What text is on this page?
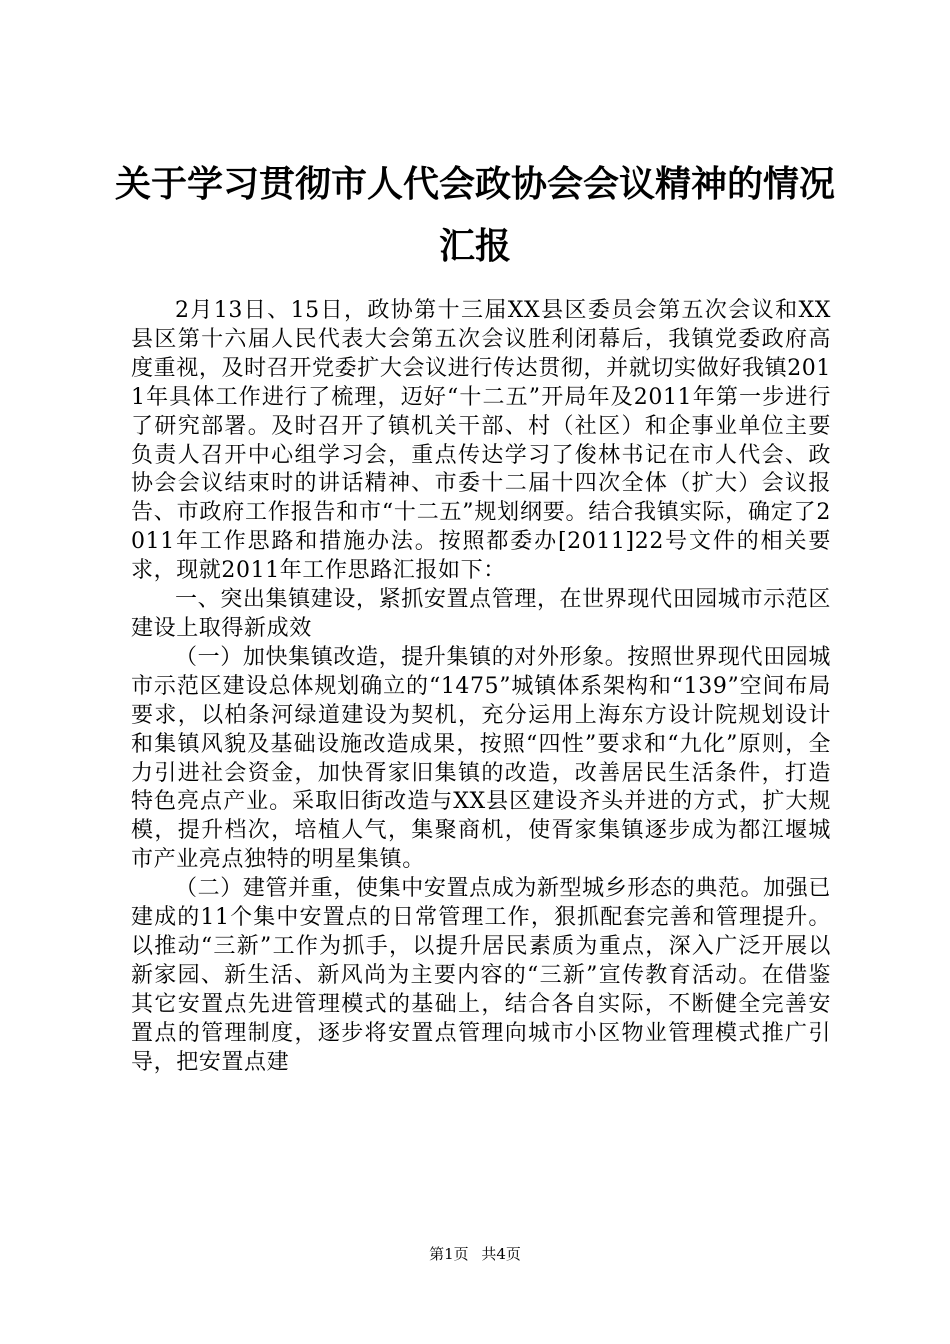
关于学习贯彻市人代会政协会会议精神的情况
汇报

2月13日、15日，政协第十三届XX县区委员会第五次会议和XX县区第十六届人民代表大会第五次会议胜利闭幕后，我镇党委政府高度重视，及时召开党委扩大会议进行传达贯彻，并就切实做好我镇2011年具体工作进行了梳理，迈好“十二五”开局年及2011年第一步进行了研究部署。及时召开了镇机关干部、村（社区）和企事业单位主要负责人召开中心组学习会，重点传达学习了俊林书记在市人代会、政协会会议结束时的讲话精神、市委十二届十四次全体（扩大）会议报告、市政府工作报告和市“十二五”规划纲要。结合我镇实际，确定了2011年工作思路和措施办法。按照都委办[2011]22号文件的相关要求，现就2011年工作思路汇报如下：

一、突出集镇建设，紧抓安置点管理，在世界现代田园城市示范区建设上取得新成效

（一）加快集镇改造，提升集镇的对外形象。按照世界现代田园城市示范区建设总体规划确立的“1475”城镇体系架构和“139”空间布局要求，以柏条河绿道建设为契机，充分运用上海东方设计院规划设计和集镇风貌及基础设施改造成果，按照“四性”要求和“九化”原则，全力引进社会资金，加快胥家旧集镇的改造，改善居民生活条件，打造特色亮点产业。采取旧街改造与XX县区建设齐头并进的方式，扩大规模，提升档次，培植人气，集聚商机，使胥家集镇逐步成为都江堰城市产业亮点独特的明星集镇。

（二）建管并重，使集中安置点成为新型城乡形态的典范。加强已建成的11个集中安置点的日常管理工作，狠抓配套完善和管理提升。以推动“三新”工作为抓手，以提升居民素质为重点，深入广泛开展以新家园、新生活、新风尚为主要内容的“三新”宣传教育活动。在借鉴其它安置点先进管理模式的基础上，结合各自实际，不断健全完善安置点的管理制度，逐步将安置点管理向城市小区物业管理模式推广引导，把安置点建

第1页 共4页
